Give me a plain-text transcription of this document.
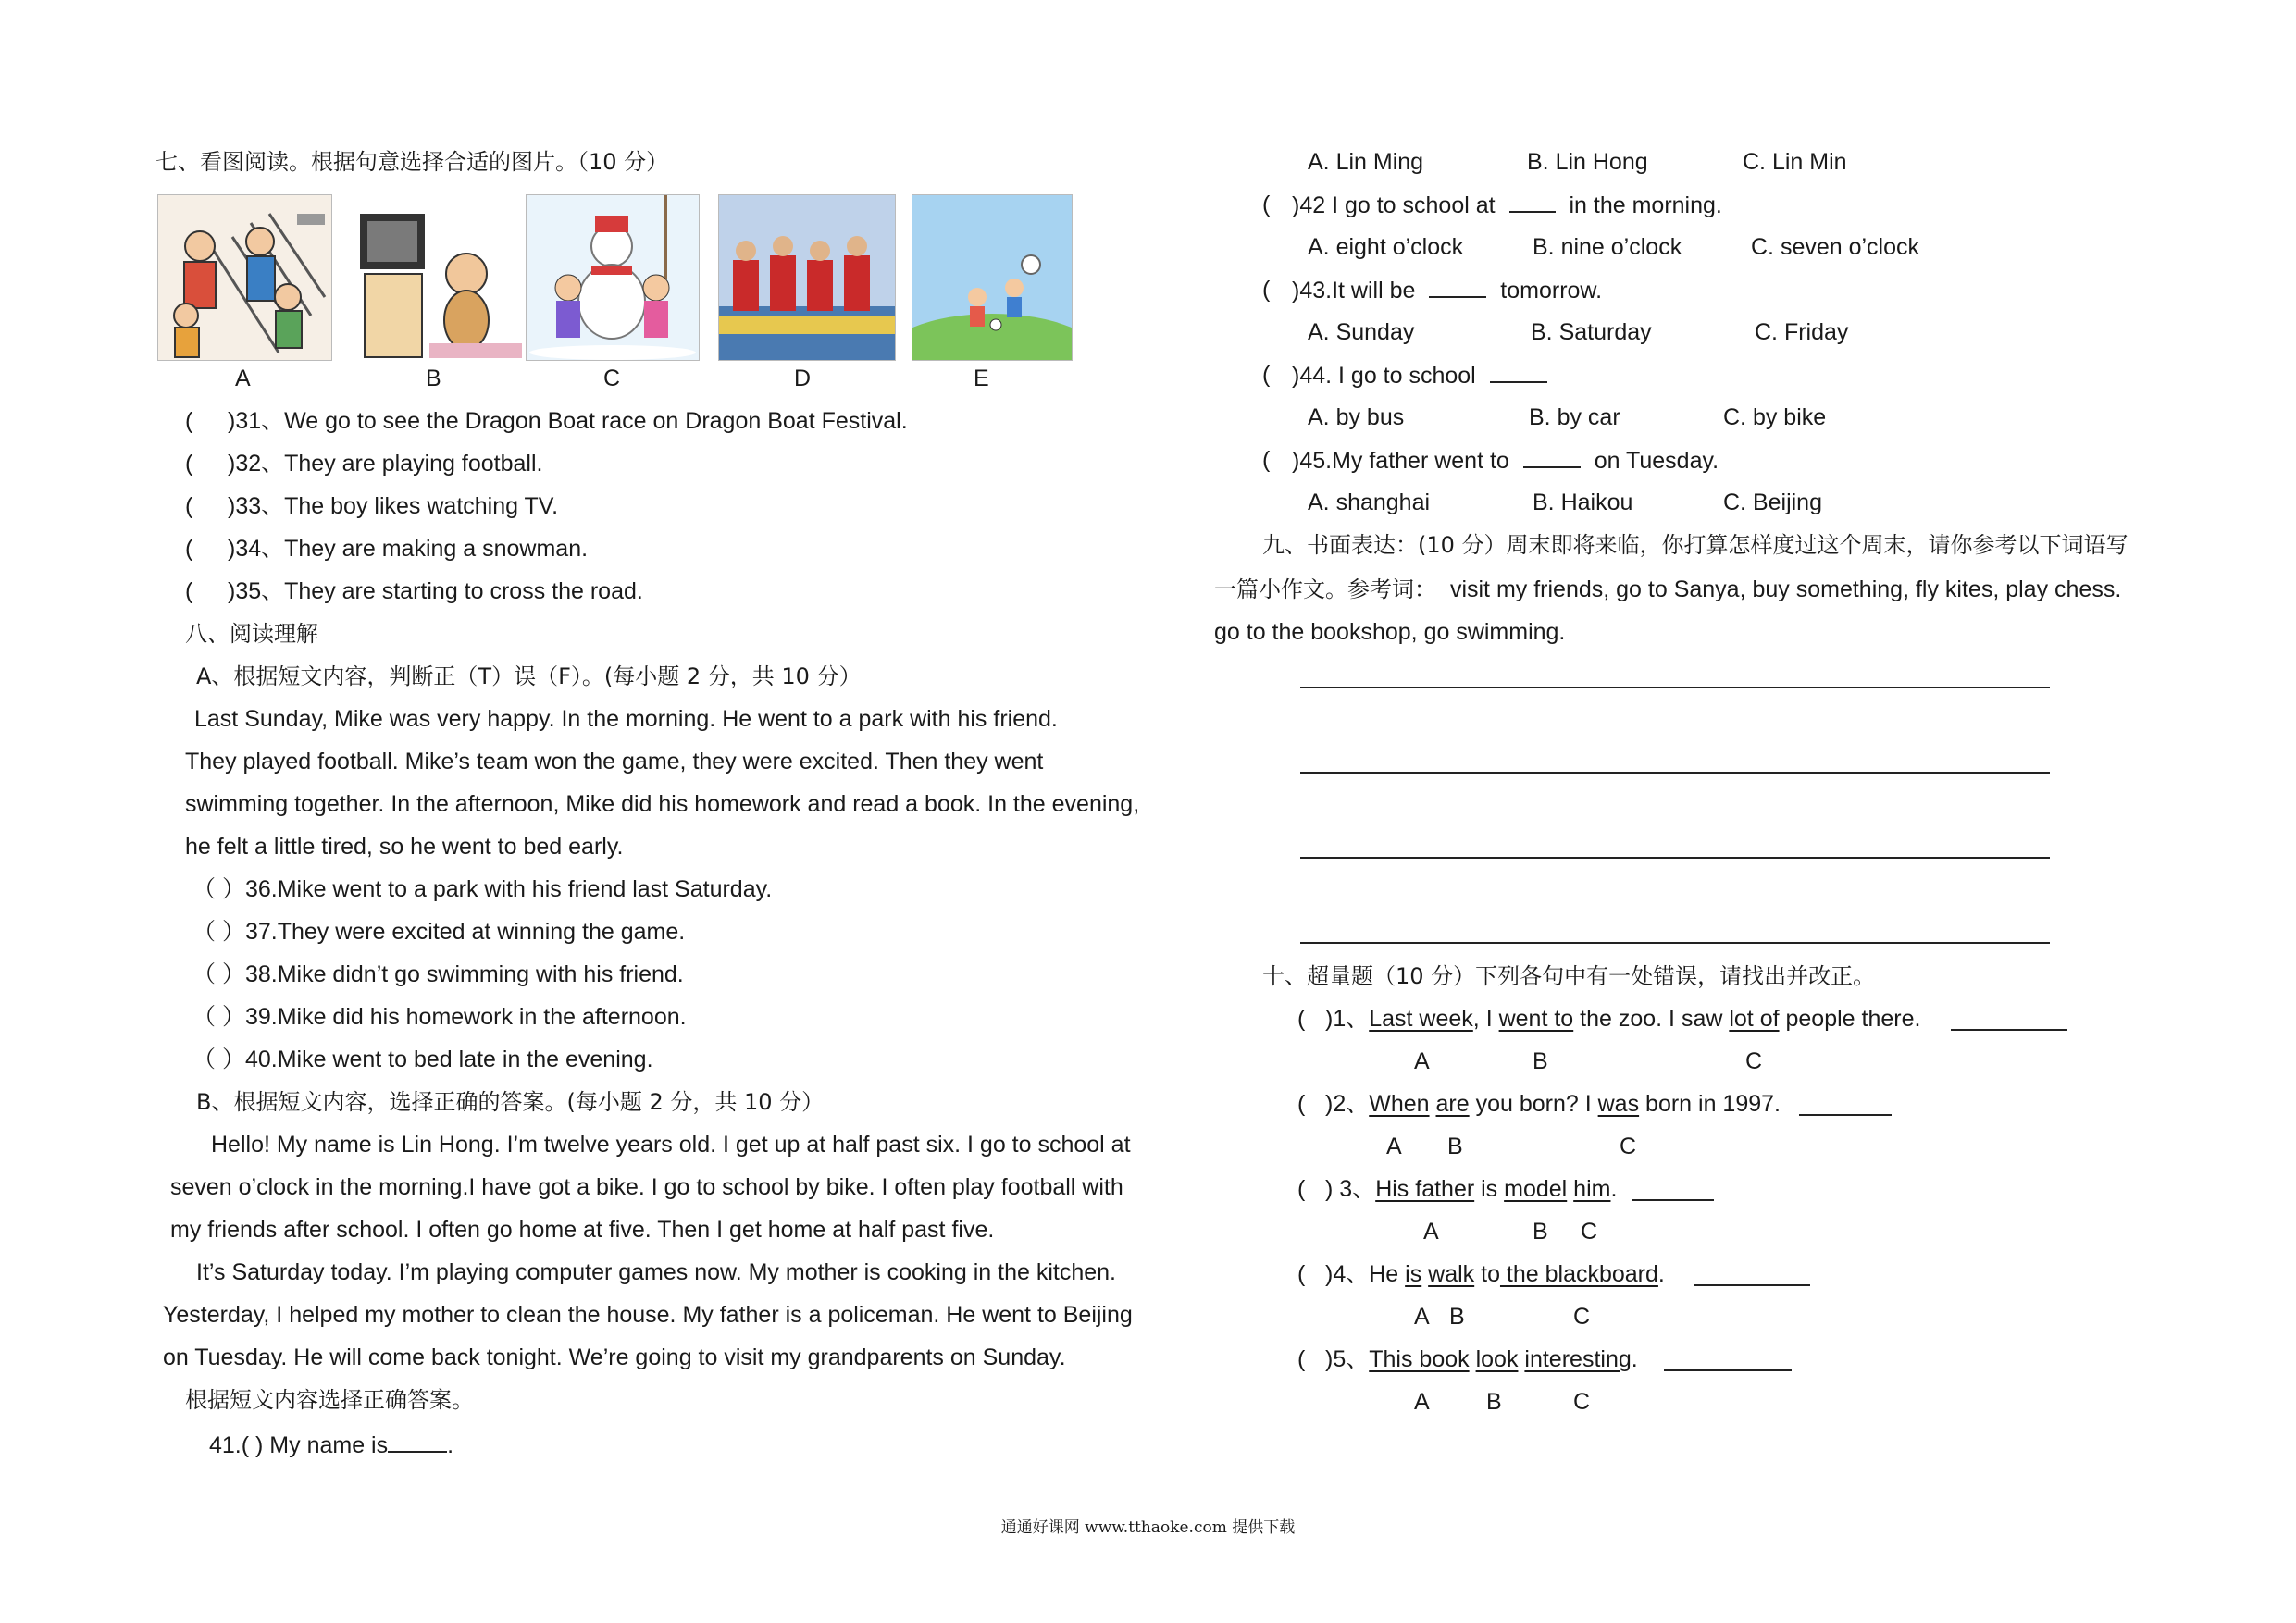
七、看图阅读。根据句意选择合适的图片。（10 分）
A	B	C	D	E
( )31、We go to see the Dragon Boat race on Dragon Boat Festival.
( )32、They are playing football.
( )33、The boy likes watching TV.
( )34、They are making a snowman.
( )35、They are starting to cross the road.
八、阅读理解
A、根据短文内容，判断正（T）误（F）。(每小题 2 分，共 10 分）
Last Sunday, Mike was very happy. In the morning. He went to a park with his friend.
They played football. Mike’s team won the game, they were excited. Then they went
swimming together. In the afternoon, Mike did his homework and read a book. In the evening,
he felt a little tired, so he went to bed early.
（ ）36.Mike went to a park with his friend last Saturday.
（ ）37.They were excited at winning the game.
（ ）38.Mike didn’t go swimming with his friend.
（ ）39.Mike did his homework in the afternoon.
（ ）40.Mike went to bed late in the evening.
B、根据短文内容，选择正确的答案。(每小题 2 分，共 10 分）
Hello! My name is Lin Hong. I’m twelve years old. I get up at half past six. I go to school at
seven o’clock in the morning.I have got a bike. I go to school by bike. I often play football with
my friends after school. I often go home at five. Then I get home at half past five.
It’s Saturday today. I’m playing computer games now. My mother is cooking in the kitchen.
Yesterday, I helped my mother to clean the house. My father is a policeman. He went to Beijing
on Tuesday. He will come back tonight. We’re going to visit my grandparents on Sunday.
根据短文内容选择正确答案。
41.( ) My name is	.
A. Lin Ming	B. Lin Hong	C. Lin Min
( )42 I go to school at	in the morning.
A. eight o’clock	B. nine o’clock	C. seven o’clock
( )43.It will be	tomorrow.
A. Sunday	B. Saturday	C. Friday
( )44. I go to school
A. by bus	B. by car	C. by bike
( )45.My father went to	on Tuesday.
A. shanghai	B. Haikou	C. Beijing
九、书面表达：(10 分）周末即将来临，你打算怎样度过这个周末，请你参考以下词语写
一篇小作文。参考词： visit my friends, go to Sanya, buy something, fly kites, play chess.
go to the bookshop, go swimming.
十、超量题（10 分）下列各句中有一处错误，请找出并改正。
( )1、Last week, I went to the zoo. I saw lot of people there.
A	B	C
( )2、When are you born? I was born in 1997.
A B	C
( ) 3、His father is model him.
A	B C
( )4、He is walk to the blackboard.
A B	C
( )5、This book look interesting.
A B	C
通通好课网 www.tthaoke.com 提供下载
